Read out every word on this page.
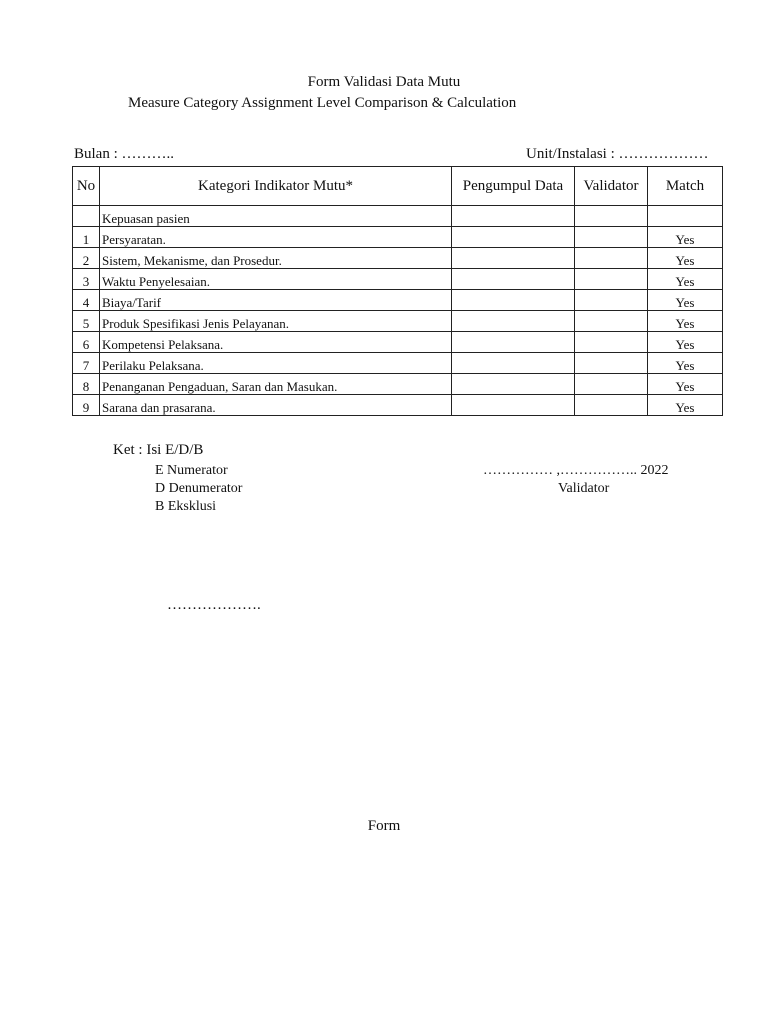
Form Validasi Data Mutu
Measure Category Assignment Level Comparison & Calculation
Bulan : ………..	Unit/Instalasi : ………………
No	Kategori Indikator Mutu*	Pengumpul Data	Validator	Match
	Kepuasan pasien			
1	Persyaratan.			Yes
2	Sistem, Mekanisme, dan Prosedur.			Yes
3	Waktu Penyelesaian.			Yes
4	Biaya/Tarif			Yes
5	Produk Spesifikasi Jenis Pelayanan.			Yes
6	Kompetensi Pelaksana.			Yes
7	Perilaku Pelaksana.			Yes
8	Penanganan Pengaduan, Saran dan Masukan.			Yes
9	Sarana dan prasarana.			Yes
Ket : Isi E/D/B
E Numerator
D Denumerator
B Eksklusi
…………… ,…………….. 2022
Validator
……………….
Form
